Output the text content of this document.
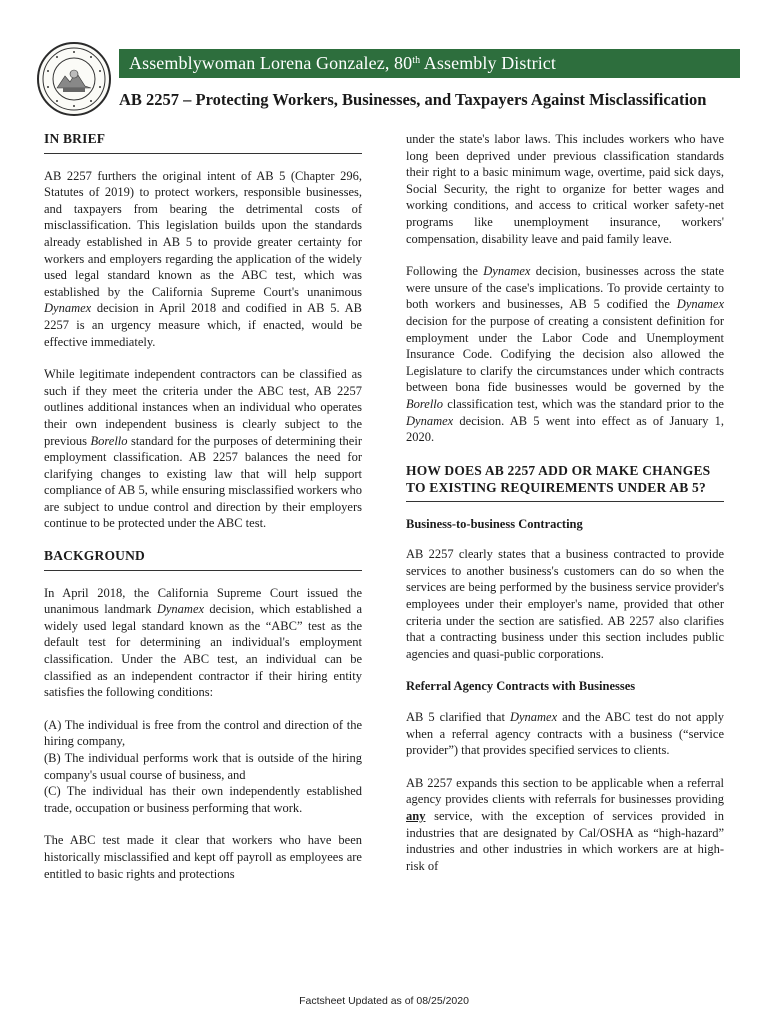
Assemblywoman Lorena Gonzalez, 80th Assembly District
AB 2257 – Protecting Workers, Businesses, and Taxpayers Against Misclassification
IN BRIEF

AB 2257 furthers the original intent of AB 5 (Chapter 296, Statutes of 2019) to protect workers, responsible businesses, and taxpayers from bearing the detrimental costs of misclassification. This legislation builds upon the standards already established in AB 5 to provide greater certainty for workers and employers regarding the application of the widely used legal standard known as the ABC test, which was established by the California Supreme Court's unanimous Dynamex decision in April 2018 and codified in AB 5. AB 2257 is an urgency measure which, if enacted, would be effective immediately.

While legitimate independent contractors can be classified as such if they meet the criteria under the ABC test, AB 2257 outlines additional instances when an individual who operates their own independent business is clearly subject to the previous Borello standard for the purposes of determining their employment classification. AB 2257 balances the need for clarifying changes to existing law that will help support compliance of AB 5, while ensuring misclassified workers who are subject to undue control and direction by their employers continue to be protected under the ABC test.

BACKGROUND

In April 2018, the California Supreme Court issued the unanimous landmark Dynamex decision, which established a widely used legal standard known as the “ABC” test as the default test for determining an individual's employment classification. Under the ABC test, an individual can be classified as an independent contractor if their hiring entity satisfies the following conditions:

(A) The individual is free from the control and direction of the hiring company,
(B) The individual performs work that is outside of the hiring company's usual course of business, and
(C) The individual has their own independently established trade, occupation or business performing that work.

The ABC test made it clear that workers who have been historically misclassified and kept off payroll as employees are entitled to basic rights and protections

under the state's labor laws. This includes workers who have long been deprived under previous classification standards their right to a basic minimum wage, overtime, paid sick days, Social Security, the right to organize for better wages and working conditions, and access to critical worker safety-net programs like unemployment insurance, workers' compensation, disability leave and paid family leave.

Following the Dynamex decision, businesses across the state were unsure of the case's implications. To provide certainty to both workers and businesses, AB 5 codified the Dynamex decision for the purpose of creating a consistent definition for employment under the Labor Code and Unemployment Insurance Code. Codifying the decision also allowed the Legislature to clarify the circumstances under which contracts between bona fide businesses would be governed by the Borello classification test, which was the standard prior to the Dynamex decision. AB 5 went into effect as of January 1, 2020.

HOW DOES AB 2257 ADD OR MAKE CHANGES TO EXISTING REQUIREMENTS UNDER AB 5?
Business-to-business Contracting

AB 2257 clearly states that a business contracted to provide services to another business's customers can do so when the services are being performed by the business service provider's employees under their employer's name, provided that other criteria under the section are satisfied. AB 2257 also clarifies that a contracting business under this section includes public agencies and quasi-public corporations.

Referral Agency Contracts with Businesses

AB 5 clarified that Dynamex and the ABC test do not apply when a referral agency contracts with a business (“service provider”) that provides specified services to clients.

AB 2257 expands this section to be applicable when a referral agency provides clients with referrals for businesses providing any service, with the exception of services provided in industries that are designated by Cal/OSHA as “high-hazard” industries and other industries in which workers are at high-risk of

Factsheet Updated as of 08/25/2020
